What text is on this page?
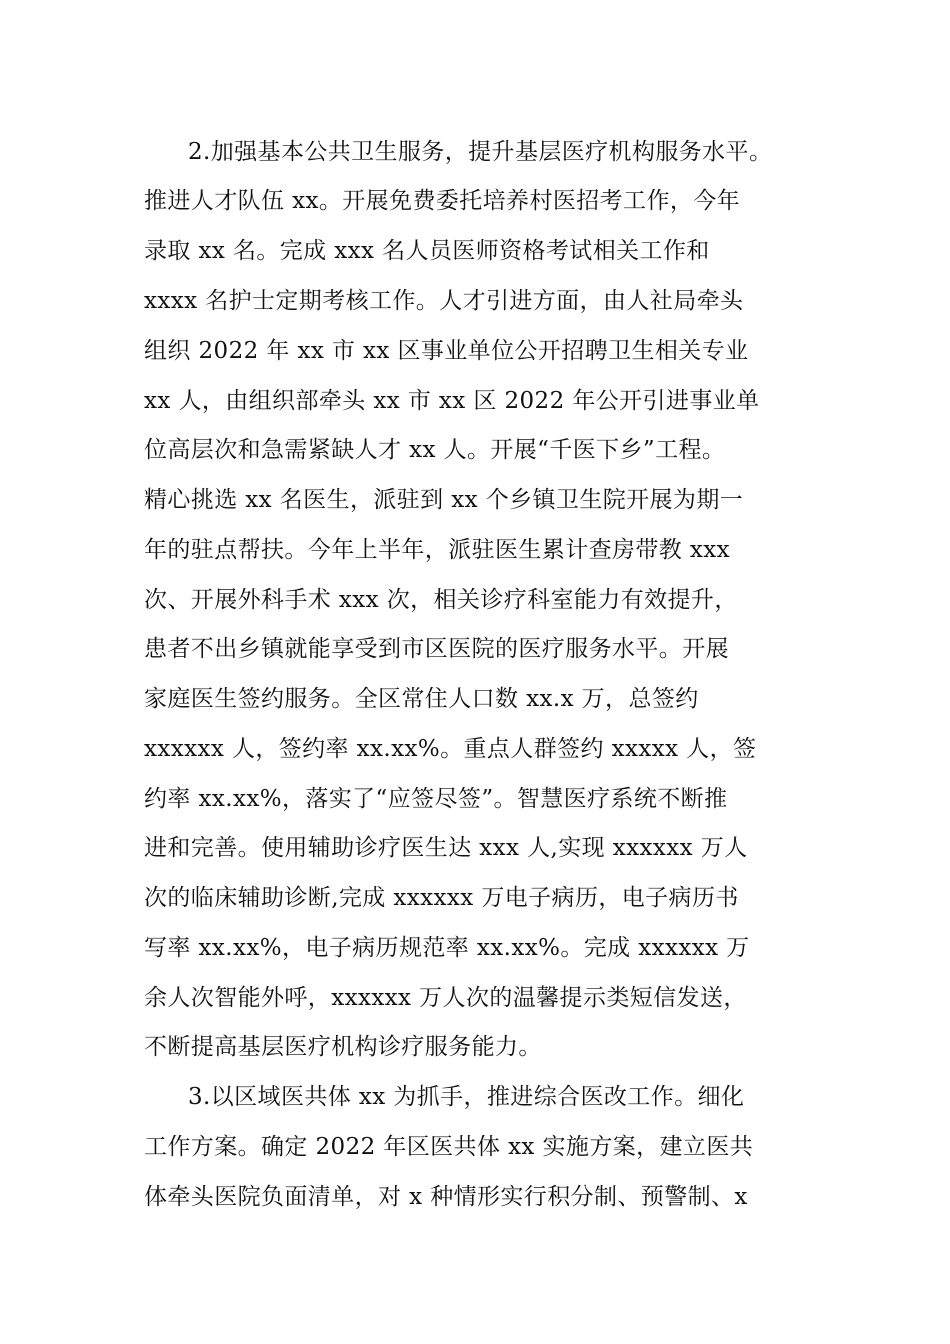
2.加强基本公共卫生服务，提升基层医疗机构服务水平。
推进人才队伍 xx。开展免费委托培养村医招考工作，今年
录取 xx 名。完成 xxx 名人员医师资格考试相关工作和
xxxx 名护士定期考核工作。人才引进方面，由人社局牵头
组织 2022 年 xx 市 xx 区事业单位公开招聘卫生相关专业
xx 人，由组织部牵头 xx 市 xx 区 2022 年公开引进事业单
位高层次和急需紧缺人才 xx 人。开展“千医下乡”工程。
精心挑选 xx 名医生，派驻到 xx 个乡镇卫生院开展为期一
年的驻点帮扶。今年上半年，派驻医生累计查房带教 xxx
次、开展外科手术 xxx 次，相关诊疗科室能力有效提升，
患者不出乡镇就能享受到市区医院的医疗服务水平。开展
家庭医生签约服务。全区常住人口数 xx.x 万，总签约
xxxxxx 人，签约率 xx.xx%。重点人群签约 xxxxx 人，签
约率 xx.xx%，落实了“应签尽签”。智慧医疗系统不断推
进和完善。使用辅助诊疗医生达 xxx 人,实现 xxxxxx 万人
次的临床辅助诊断,完成 xxxxxx 万电子病历，电子病历书
写率 xx.xx%，电子病历规范率 xx.xx%。完成 xxxxxx 万
余人次智能外呼，xxxxxx 万人次的温馨提示类短信发送，
不断提高基层医疗机构诊疗服务能力。
3.以区域医共体 xx 为抓手，推进综合医改工作。细化
工作方案。确定 2022 年区医共体 xx 实施方案，建立医共
体牵头医院负面清单，对 x 种情形实行积分制、预警制、x
